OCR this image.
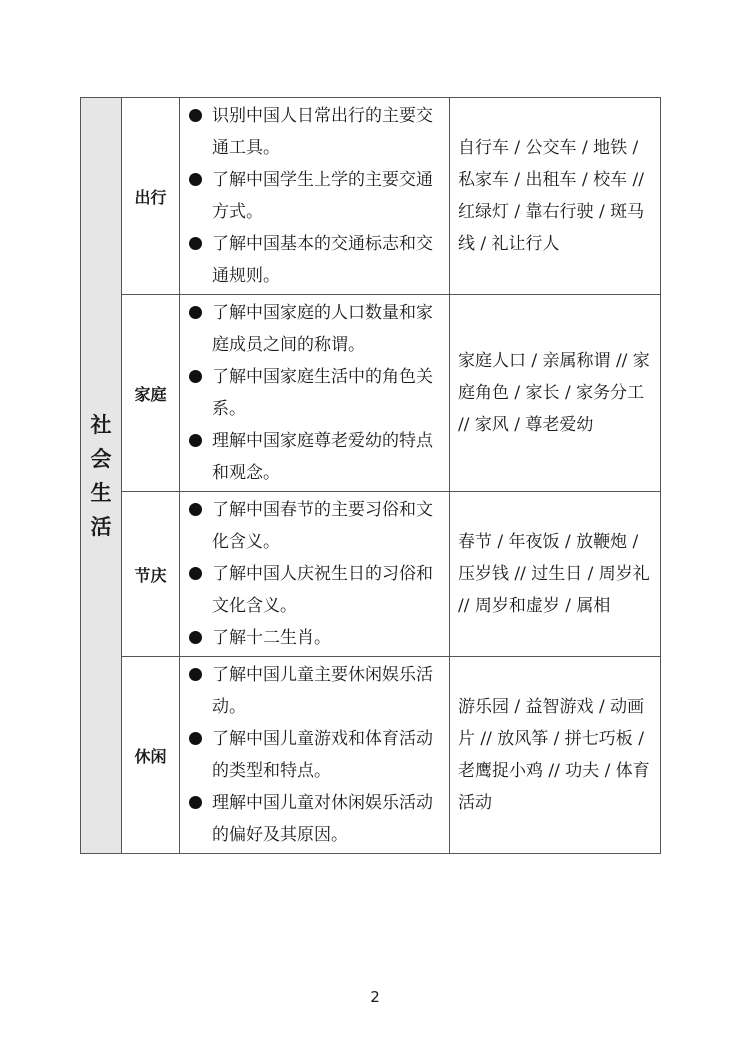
社会生活	出行	识别中国人日常出行的主要交通工具。
了解中国学生上学的主要交通方式。
了解中国基本的交通标志和交通规则。	自行车 / 公交车 / 地铁 / 私家车 / 出租车 / 校车 // 红绿灯 / 靠右行驶 / 斑马线 / 礼让行人

	家庭	了解中国家庭的人口数量和家庭成员之间的称谓。
了解中国家庭生活中的角色关系。
理解中国家庭尊老爱幼的特点和观念。	家庭人口 / 亲属称谓 // 家庭角色 / 家长 / 家务分工 // 家风 / 尊老爱幼

	节庆	了解中国春节的主要习俗和文化含义。
了解中国人庆祝生日的习俗和文化含义。
了解十二生肖。	春节 / 年夜饭 / 放鞭炮 / 压岁钱 // 过生日 / 周岁礼 // 周岁和虚岁 / 属相

	休闲	了解中国儿童主要休闲娱乐活动。
了解中国儿童游戏和体育活动的类型和特点。
理解中国儿童对休闲娱乐活动的偏好及其原因。	游乐园 / 益智游戏 / 动画片 // 放风筝 / 拼七巧板 / 老鹰捉小鸡 // 功夫 / 体育活动
2
